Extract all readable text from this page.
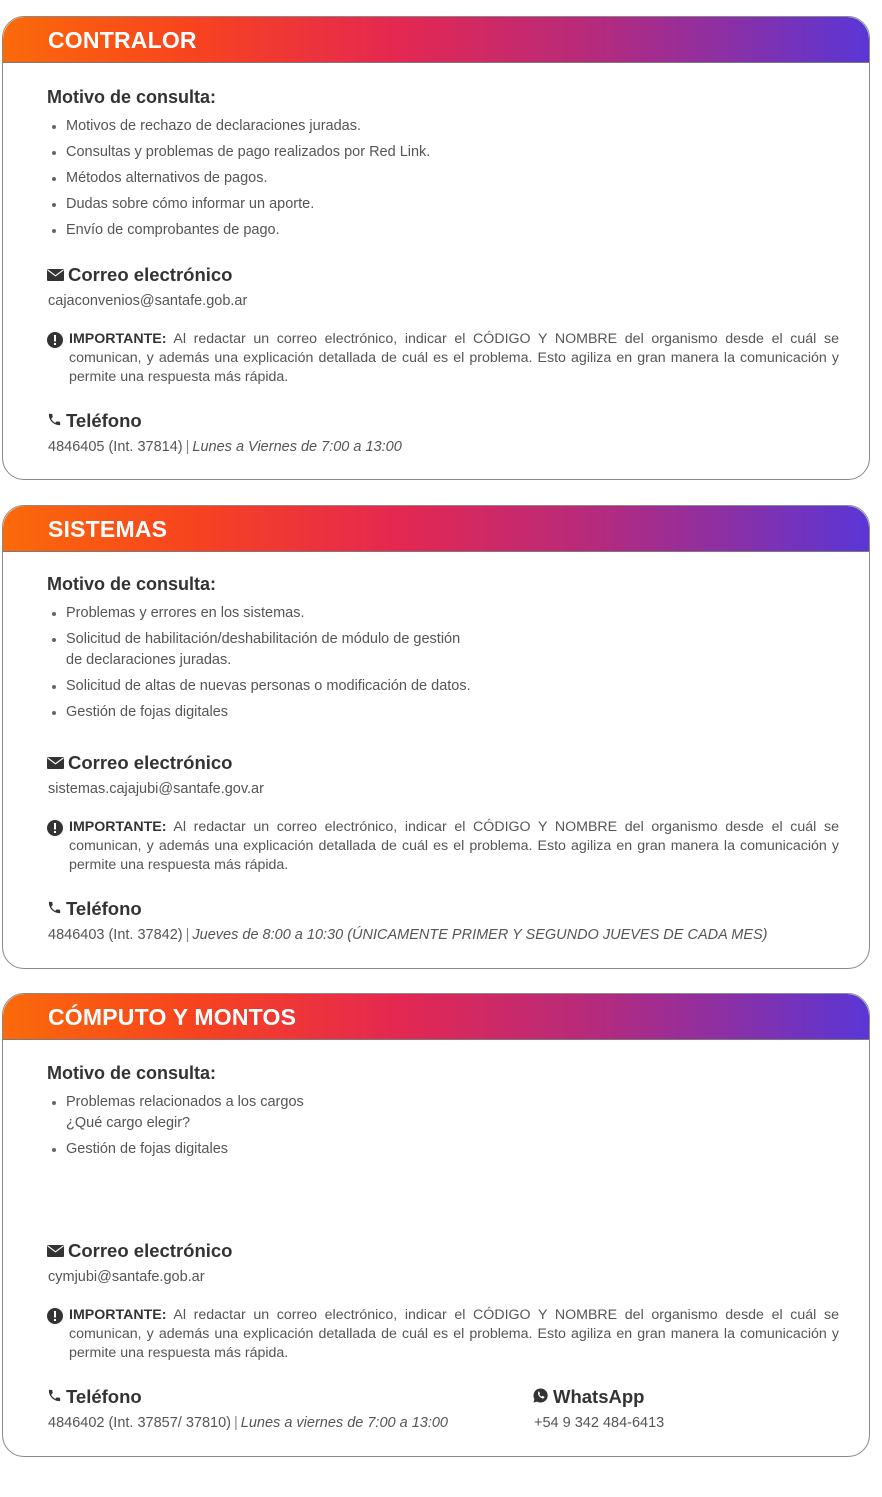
CONTRALOR
Motivo de consulta:
Motivos de rechazo de declaraciones juradas.
Consultas y problemas de pago realizados por Red Link.
Métodos alternativos de pagos.
Dudas sobre cómo informar un aporte.
Envío de comprobantes de pago.
Correo electrónico
cajaconvenios@santafe.gob.ar
IMPORTANTE: Al redactar un correo electrónico, indicar el CÓDIGO Y NOMBRE del organismo desde el cuál se comunican, y además una explicación detallada de cuál es el problema. Esto agiliza en gran manera la comunicación y permite una respuesta más rápida.
Teléfono
4846405 (Int. 37814) | Lunes a Viernes de 7:00 a 13:00
SISTEMAS
Motivo de consulta:
Problemas y errores en los sistemas.
Solicitud de habilitación/deshabilitación de módulo de gestión
de declaraciones juradas.
Solicitud de altas de nuevas personas o modificación de datos.
Gestión de fojas digitales
Correo electrónico
sistemas.cajajubi@santafe.gov.ar
IMPORTANTE: Al redactar un correo electrónico, indicar el CÓDIGO Y NOMBRE del organismo desde el cuál se comunican, y además una explicación detallada de cuál es el problema. Esto agiliza en gran manera la comunicación y permite una respuesta más rápida.
Teléfono
4846403 (Int. 37842) | Jueves de 8:00 a 10:30 (ÚNICAMENTE PRIMER Y SEGUNDO JUEVES DE CADA MES)
CÓMPUTO Y MONTOS
Motivo de consulta:
Problemas relacionados a los cargos
¿Qué cargo elegir?
Gestión de fojas digitales
Correo electrónico
cymjubi@santafe.gob.ar
IMPORTANTE: Al redactar un correo electrónico, indicar el CÓDIGO Y NOMBRE del organismo desde el cuál se comunican, y además una explicación detallada de cuál es el problema. Esto agiliza en gran manera la comunicación y permite una respuesta más rápida.
Teléfono
4846402 (Int. 37857/ 37810) | Lunes a viernes de 7:00 a 13:00
WhatsApp
+54 9 342 484-6413
